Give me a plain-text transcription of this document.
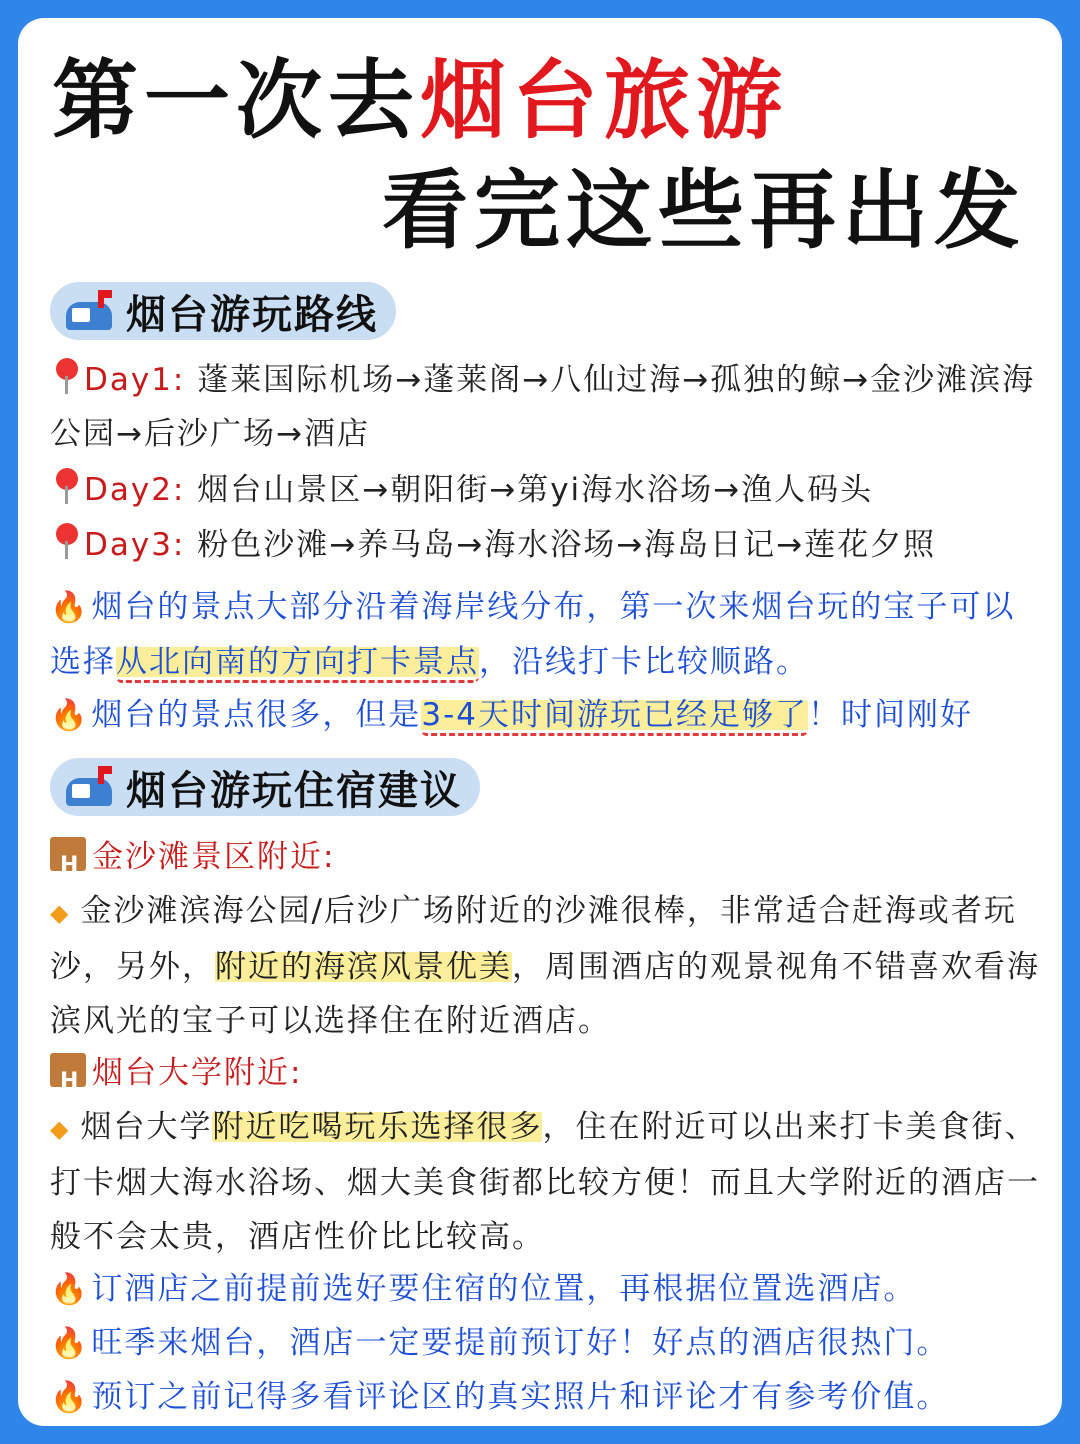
第一次去烟台旅游
看完这些再出发
烟台游玩路线
Day1: 蓬莱国际机场→蓬莱阁→八仙过海→孤独的鲸→金沙滩滨海公园→后沙广场→酒店
Day2: 烟台山景区→朝阳街→第yi海水浴场→渔人码头
Day3: 粉色沙滩→养马岛→海水浴场→海岛日记→莲花夕照
🔥烟台的景点大部分沿着海岸线分布，第一次来烟台玩的宝子可以选择从北向南的方向打卡景点，沿线打卡比较顺路。
🔥烟台的景点很多，但是3-4天时间游玩已经足够了！时间刚好
烟台游玩住宿建议
H金沙滩景区附近:
◆ 金沙滩滨海公园/后沙广场附近的沙滩很棒，非常适合赶海或者玩沙，另外，附近的海滨风景优美，周围酒店的观景视角不错喜欢看海滨风光的宝子可以选择住在附近酒店。
H烟台大学附近:
◆ 烟台大学附近吃喝玩乐选择很多，住在附近可以出来打卡美食街、打卡烟大海水浴场、烟大美食街都比较方便！而且大学附近的酒店一般不会太贵，酒店性价比比较高。
🔥订酒店之前提前选好要住宿的位置，再根据位置选酒店。
🔥旺季来烟台，酒店一定要提前预订好！好点的酒店很热门。
🔥预订之前记得多看评论区的真实照片和评论才有参考价值。
